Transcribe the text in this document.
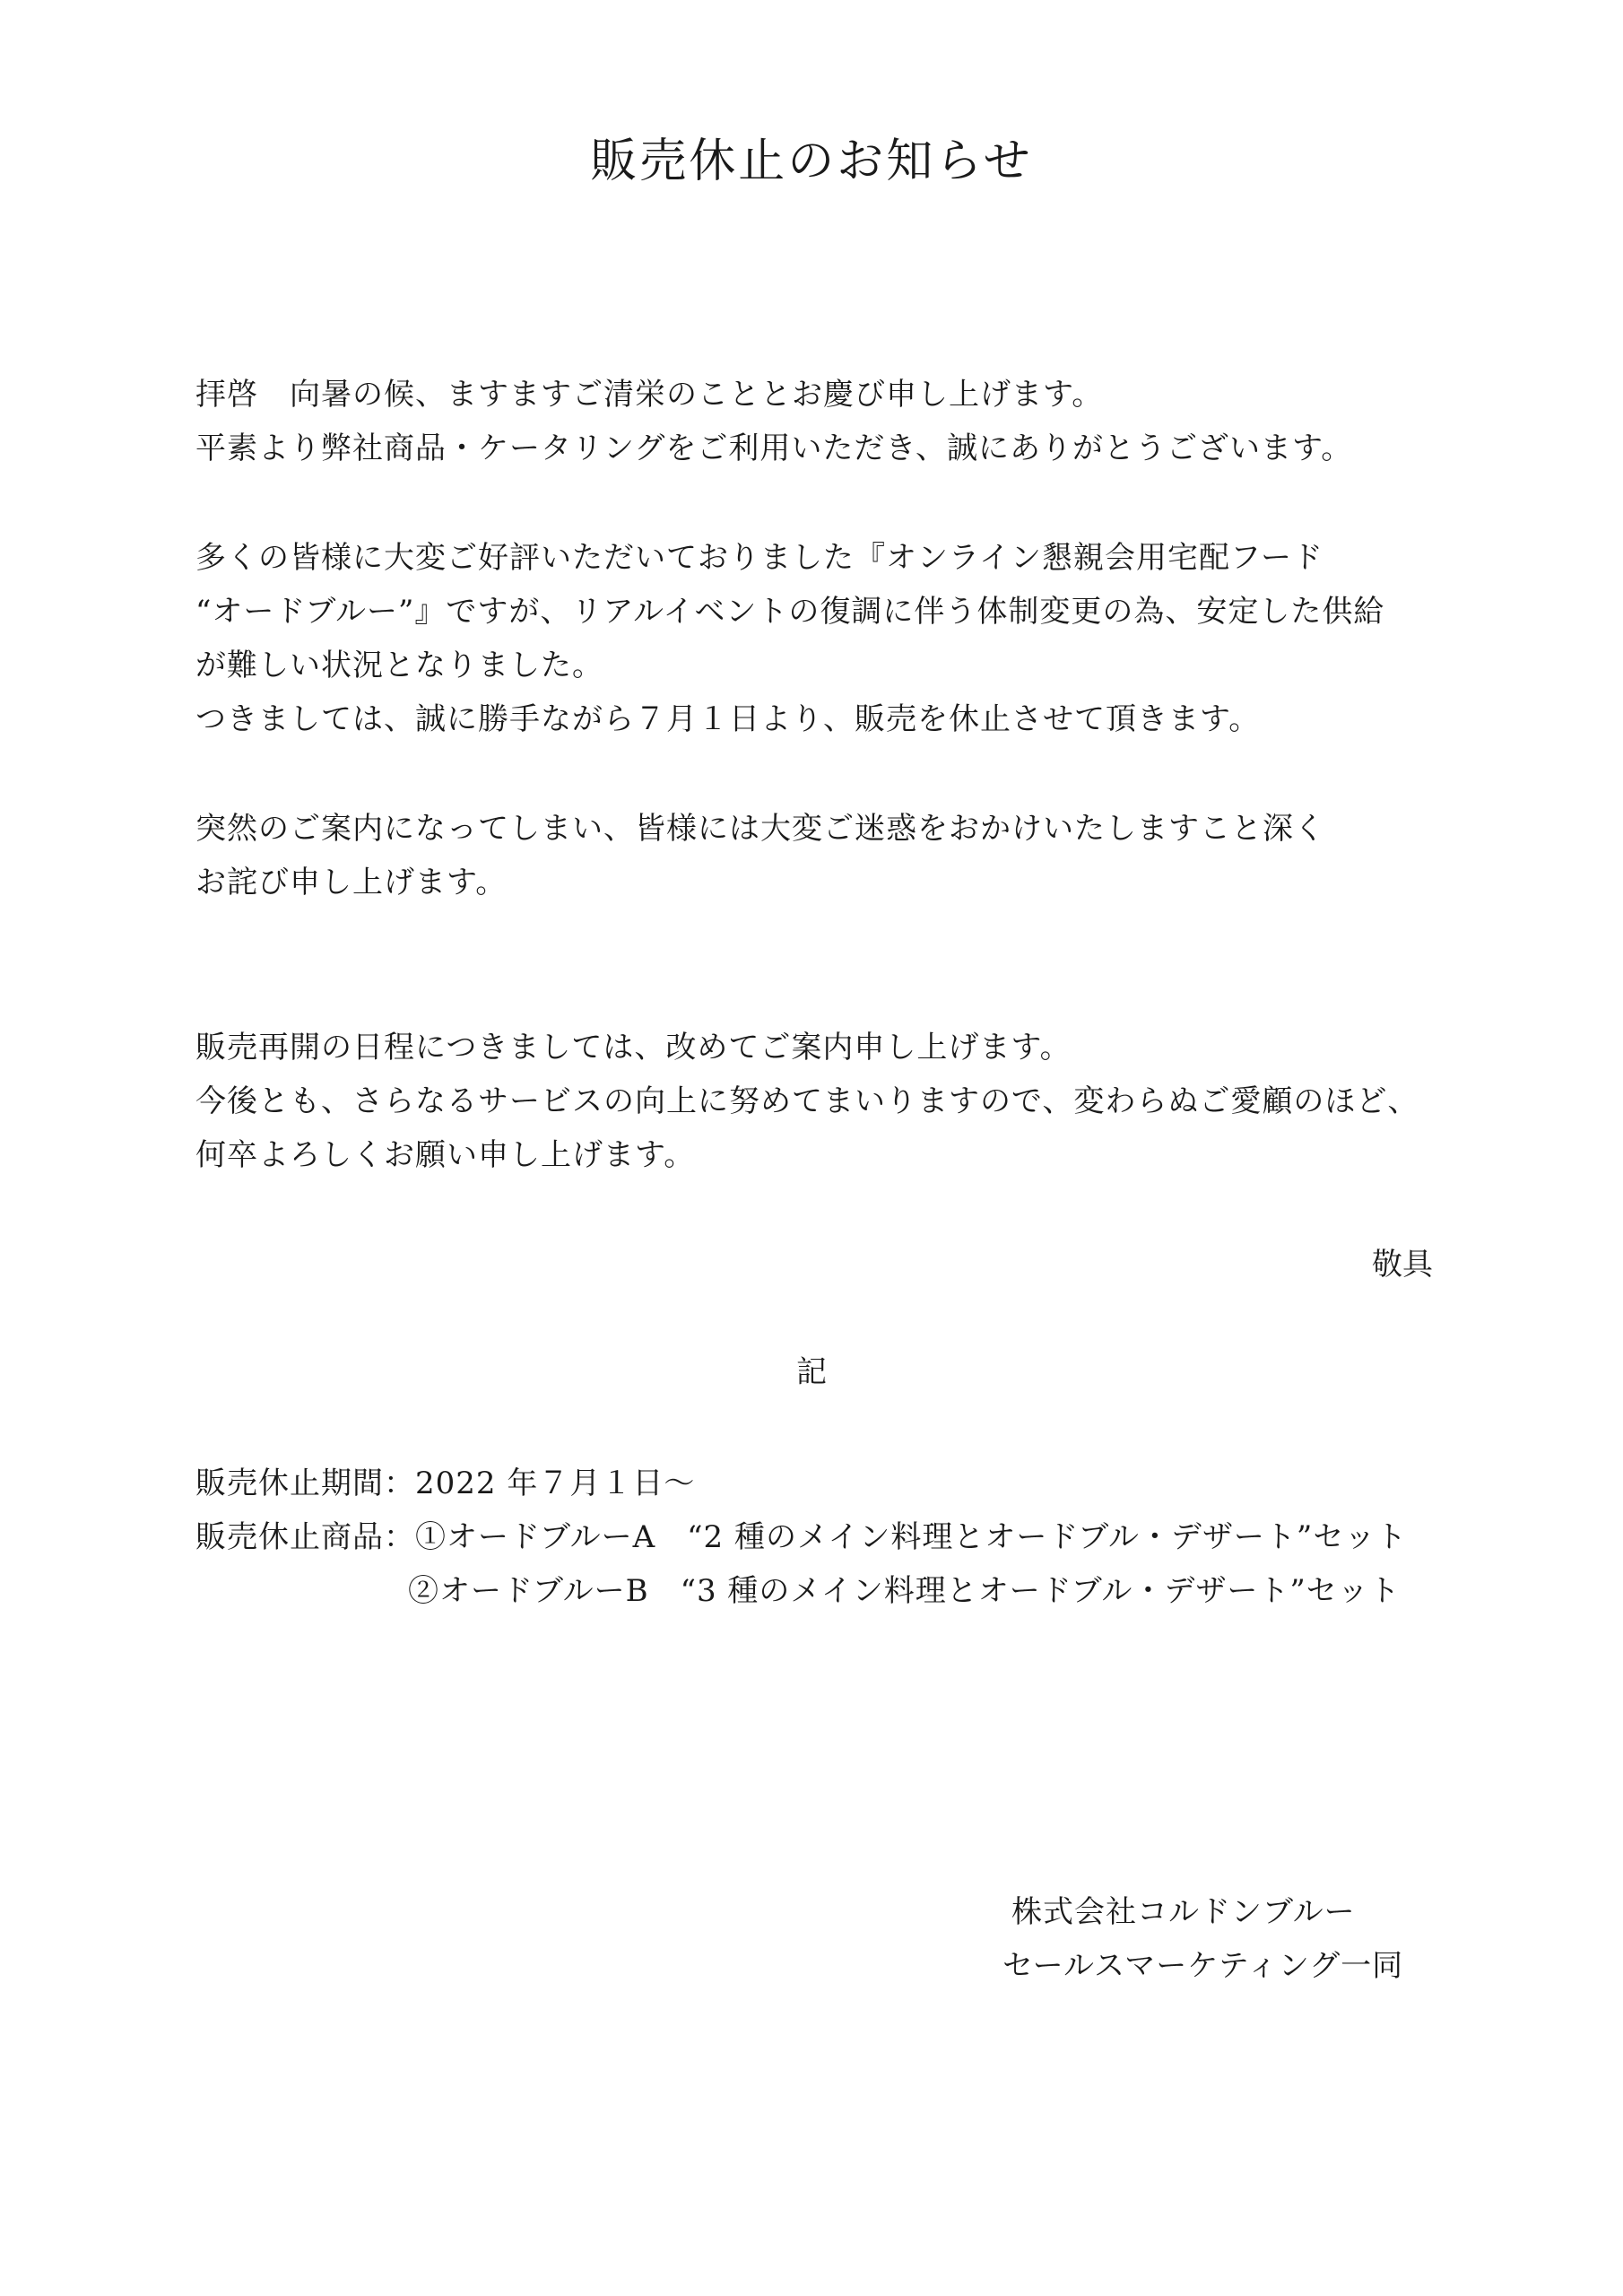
販売休止のお知らせ

拝啓　向暑の候、ますますご清栄のこととお慶び申し上げます。

平素より弊社商品・ケータリングをご利用いただき、誠にありがとうございます。

多くの皆様に大変ご好評いただいておりました『オンライン懇親会用宅配フード

“オードブルー”』ですが、リアルイベントの復調に伴う体制変更の為、安定した供給

が難しい状況となりました。

つきましては、誠に勝手ながら７月１日より、販売を休止させて頂きます。

突然のご案内になってしまい、皆様には大変ご迷惑をおかけいたしますこと深く

お詫び申し上げます。

販売再開の日程につきましては、改めてご案内申し上げます。

今後とも、さらなるサービスの向上に努めてまいりますので、変わらぬご愛顧のほど、

何卒よろしくお願い申し上げます。

敬具

記

販売休止期間：2022 年７月１日～

販売休止商品：①オードブルーA　“2 種のメイン料理とオードブル・デザート”セット

②オードブルーB　“3 種のメイン料理とオードブル・デザート”セット

株式会社コルドンブルー

セールスマーケティング一同
